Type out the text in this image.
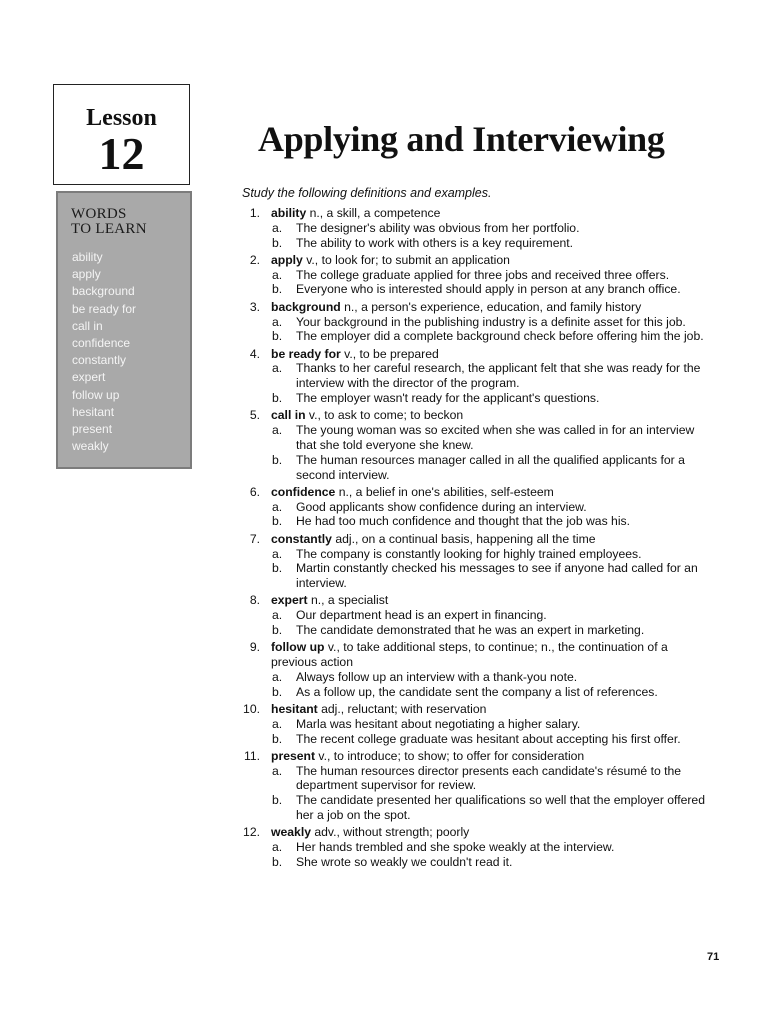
Lesson
12	Applying and Interviewing
WORDS
TO LEARN
ability
apply
background
be ready for
call in
confidence
constantly
expert
follow up
hesitant
present
weakly
Study the following definitions and examples.
1. ability n., a skill, a competence
a.	The designer's ability was obvious from her portfolio.
b.	The ability to work with others is a key requirement.
2. apply v., to look for; to submit an application
a.	The college graduate applied for three jobs and received three offers.
b.	Everyone who is interested should apply in person at any branch office.
3. background n., a person's experience, education, and family history
a.	Your background in the publishing industry is a definite asset for this job.
b.	The employer did a complete background check before offering him the job.
4. be ready for v., to be prepared
a.	Thanks to her careful research, the applicant felt that she was ready for the interview with the director of the program.
b.	The employer wasn't ready for the applicant's questions.
5. call in v., to ask to come; to beckon
a.	The young woman was so excited when she was called in for an interview that she told everyone she knew.
b.	The human resources manager called in all the qualified applicants for a second interview.
6. confidence n., a belief in one's abilities, self-esteem
a.	Good applicants show confidence during an interview.
b.	He had too much confidence and thought that the job was his.
7. constantly adj., on a continual basis, happening all the time
a.	The company is constantly looking for highly trained employees.
b.	Martin constantly checked his messages to see if anyone had called for an interview.
8. expert n., a specialist
a.	Our department head is an expert in financing.
b.	The candidate demonstrated that he was an expert in marketing.
9. follow up v., to take additional steps, to continue; n., the continuation of a previous action
a.	Always follow up an interview with a thank-you note.
b.	As a follow up, the candidate sent the company a list of references.
10. hesitant adj., reluctant; with reservation
a.	Marla was hesitant about negotiating a higher salary.
b.	The recent college graduate was hesitant about accepting his first offer.
11. present v., to introduce; to show; to offer for consideration
a.	The human resources director presents each candidate's résumé to the department supervisor for review.
b.	The candidate presented her qualifications so well that the employer offered her a job on the spot.
12. weakly adv., without strength; poorly
a.	Her hands trembled and she spoke weakly at the interview.
b.	She wrote so weakly we couldn't read it.
71
